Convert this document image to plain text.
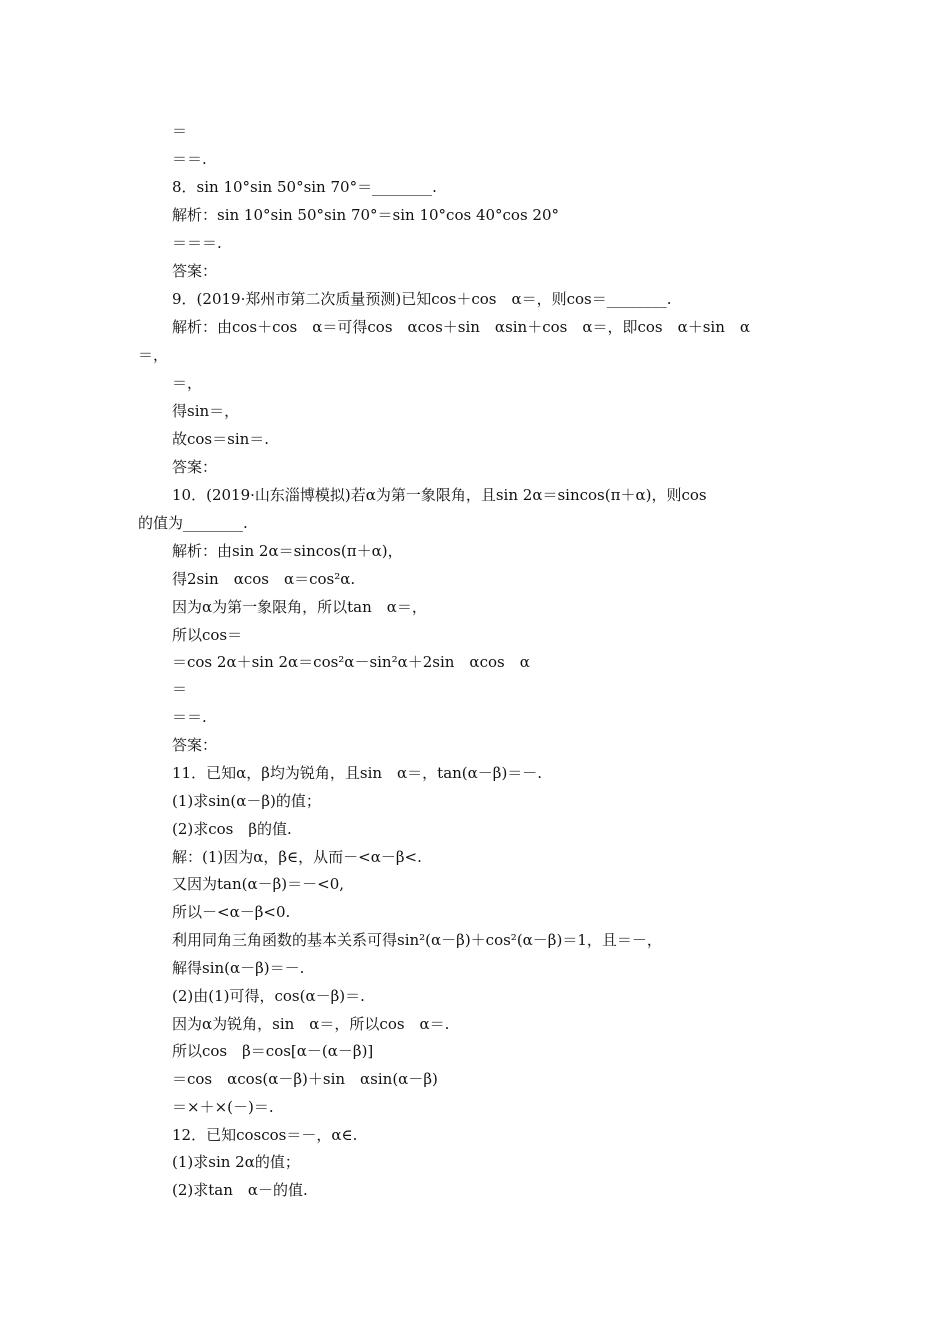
＝
＝＝.
8．sin 10°sin 50°sin 70°＝________.
解析：sin 10°sin 50°sin 70°＝sin 10°cos 40°cos 20°
＝＝＝.
答案：
9．(2019·郑州市第二次质量预测)已知cos＋cos　α＝，则cos＝________.
解析：由cos＋cos　α＝可得cos　αcos＋sin　αsin＋cos　α＝，即cos　α＋sin　α
＝，
＝，
得sin＝，
故cos＝sin＝.
答案：
10．(2019·山东淄博模拟)若α为第一象限角，且sin 2α＝sincos(π＋α)，则cos
的值为________.
解析：由sin 2α＝sincos(π＋α)，
得2sin　αcos　α＝cos²α.
因为α为第一象限角，所以tan　α＝，
所以cos＝
＝cos 2α＋sin 2α＝cos²α－sin²α＋2sin　αcos　α
＝
＝＝.
答案：
11．已知α，β均为锐角，且sin　α＝，tan(α－β)＝－.
(1)求sin(α－β)的值；
(2)求cos　β的值.
解：(1)因为α，β∈，从而－<α－β<.
又因为tan(α－β)＝－<0,
所以－<α－β<0.
利用同角三角函数的基本关系可得sin²(α－β)＋cos²(α－β)＝1，且＝－，
解得sin(α－β)＝－.
(2)由(1)可得，cos(α－β)＝.
因为α为锐角，sin　α＝，所以cos　α＝.
所以cos　β＝cos[α－(α－β)]
＝cos　αcos(α－β)＋sin　αsin(α－β)
＝×＋×(－)＝.
12．已知coscos＝－，α∈.
(1)求sin 2α的值；
(2)求tan　α－的值.
